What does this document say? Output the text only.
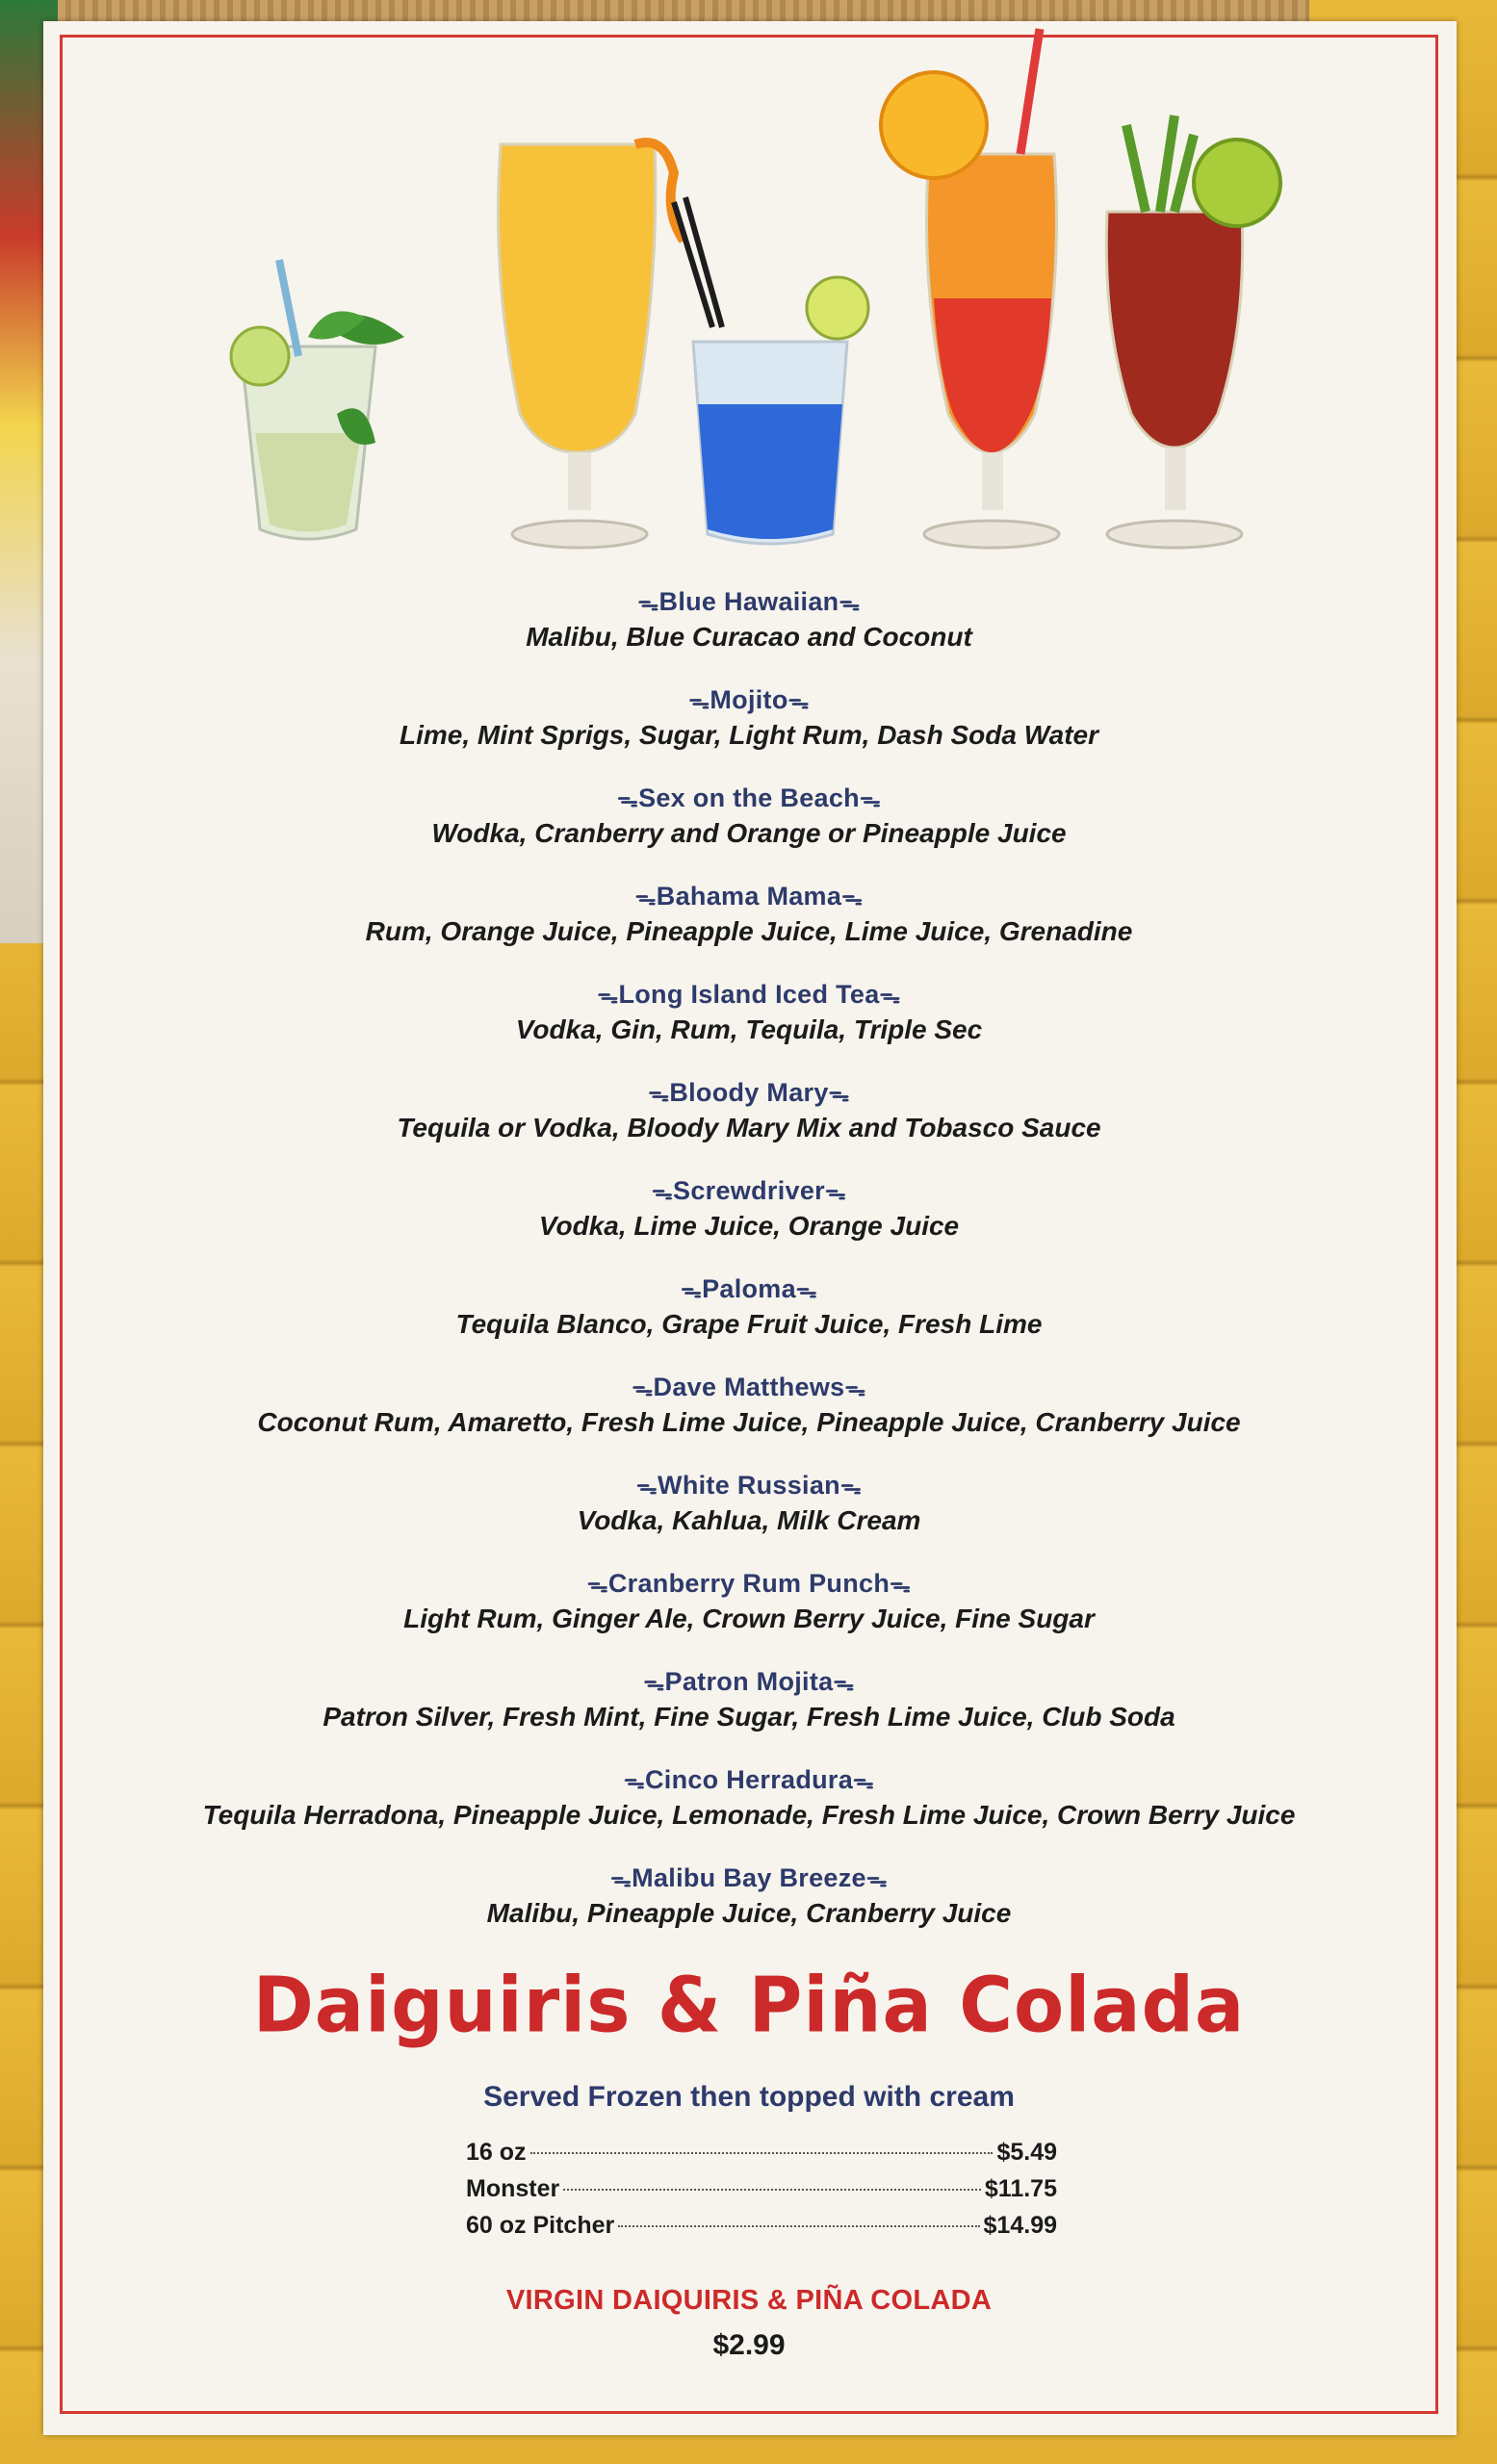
ᯓBlue Hawaiianᯓ
Malibu, Blue Curacao and Coconut
ᯓMojitoᯓ
Lime, Mint Sprigs, Sugar, Light Rum, Dash Soda Water
ᯓSex on the Beachᯓ
Wodka, Cranberry and Orange or Pineapple Juice
ᯓBahama Mamaᯓ
Rum, Orange Juice, Pineapple Juice, Lime Juice, Grenadine
ᯓLong Island Iced Teaᯓ
Vodka, Gin, Rum, Tequila, Triple Sec
ᯓBloody Maryᯓ
Tequila or Vodka, Bloody Mary Mix and Tobasco Sauce
ᯓScrewdriverᯓ
Vodka, Lime Juice, Orange Juice
ᯓPalomaᯓ
Tequila Blanco, Grape Fruit Juice, Fresh Lime
ᯓDave Matthewsᯓ
Coconut Rum, Amaretto, Fresh Lime Juice, Pineapple Juice, Cranberry Juice
ᯓWhite Russianᯓ
Vodka, Kahlua, Milk Cream
ᯓCranberry Rum Punchᯓ
Light Rum, Ginger Ale, Crown Berry Juice, Fine Sugar
ᯓPatron Mojitaᯓ
Patron Silver, Fresh Mint, Fine Sugar, Fresh Lime Juice, Club Soda
ᯓCinco Herraduraᯓ
Tequila Herradona, Pineapple Juice, Lemonade, Fresh Lime Juice, Crown Berry Juice
ᯓMalibu Bay Breezeᯓ
Malibu, Pineapple Juice, Cranberry Juice
Daiguiris & Piña Colada
Served Frozen then topped with cream
16 oz	$5.49
Monster	$11.75
60 oz Pitcher	$14.99
VIRGIN DAIQUIRIS & PIÑA COLADA
$2.99
